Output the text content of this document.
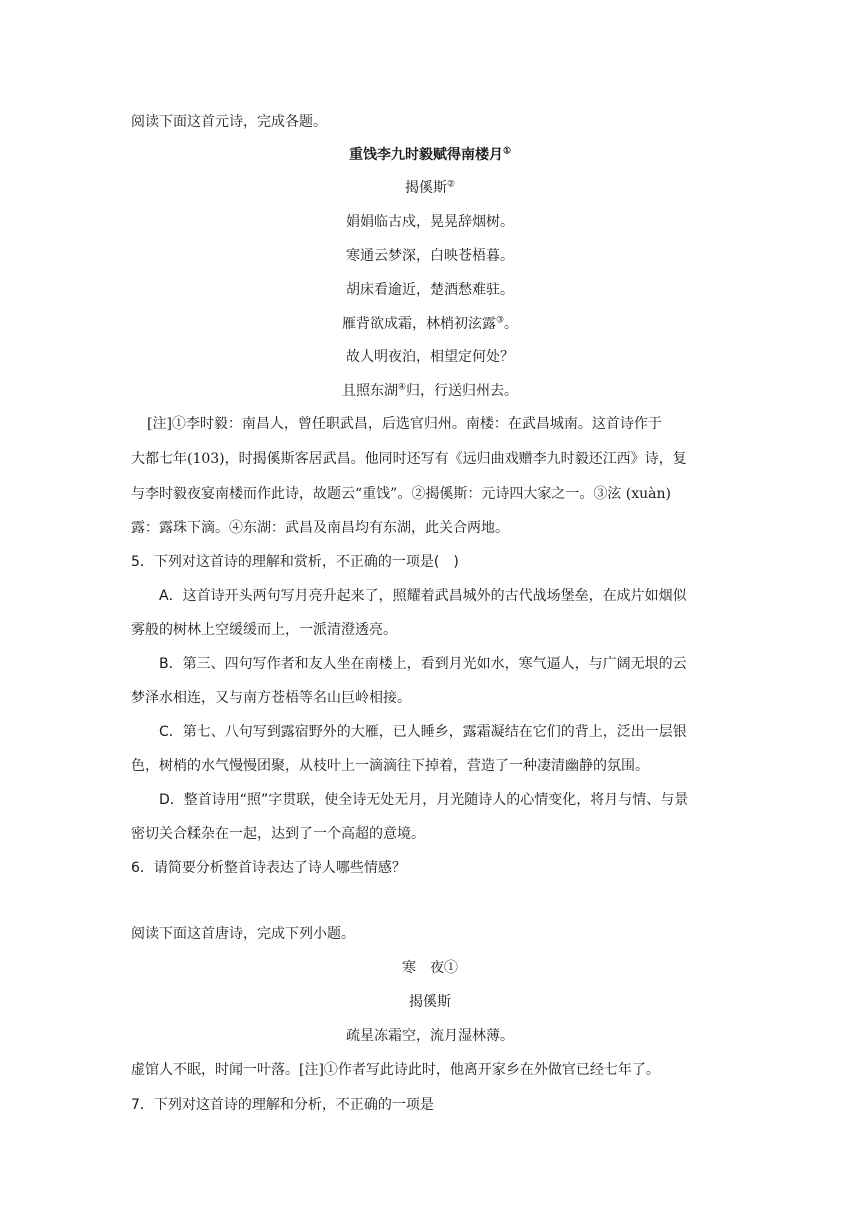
阅读下面这首元诗，完成各题。
重饯李九时毅赋得南楼月①
揭傒斯②
娟娟临古戍，晃晃辞烟树。
寒通云梦深，白映苍梧暮。
胡床看逾近，楚酒愁难驻。
雁背欲成霜，林梢初泫露③。
故人明夜泊，相望定何处？
且照东湖④归，行送归州去。
[注]①李时毅：南昌人，曾任职武昌，后选官归州。南楼：在武昌城南。这首诗作于
大都七年(103)，时揭傒斯客居武昌。他同时还写有《远归曲戏赠李九时毅还江西》诗，复
与李时毅夜宴南楼而作此诗，故题云“重饯”。②揭傒斯：元诗四大家之一。③泫 (xuàn)
露：露珠下滴。④东湖：武昌及南昌均有东湖，此关合两地。
5．下列对这首诗的理解和赏析，不正确的一项是(　)
A．这首诗开头两句写月亮升起来了，照耀着武昌城外的古代战场堡垒，在成片如烟似
雾般的树林上空缓缓而上，一派清澄透亮。
B．第三、四句写作者和友人坐在南楼上，看到月光如水，寒气逼人，与广阔无垠的云
梦泽水相连，又与南方苍梧等名山巨岭相接。
C．第七、八句写到露宿野外的大雁，已人睡乡，露霜凝结在它们的背上，泛出一层银
色，树梢的水气慢慢团聚，从枝叶上一滴滴往下掉着，营造了一种凄清幽静的氛围。
D．整首诗用“照”字贯联，使全诗无处无月，月光随诗人的心情变化，将月与情、与景
密切关合糅杂在一起，达到了一个高超的意境。
6．请简要分析整首诗表达了诗人哪些情感？
阅读下面这首唐诗，完成下列小题。
寒　夜①
揭傒斯
疏星冻霜空，流月湿林薄。
虚馆人不眠，时闻一叶落。[注]①作者写此诗此时，他离开家乡在外做官已经七年了。
7．下列对这首诗的理解和分析，不正确的一项是
